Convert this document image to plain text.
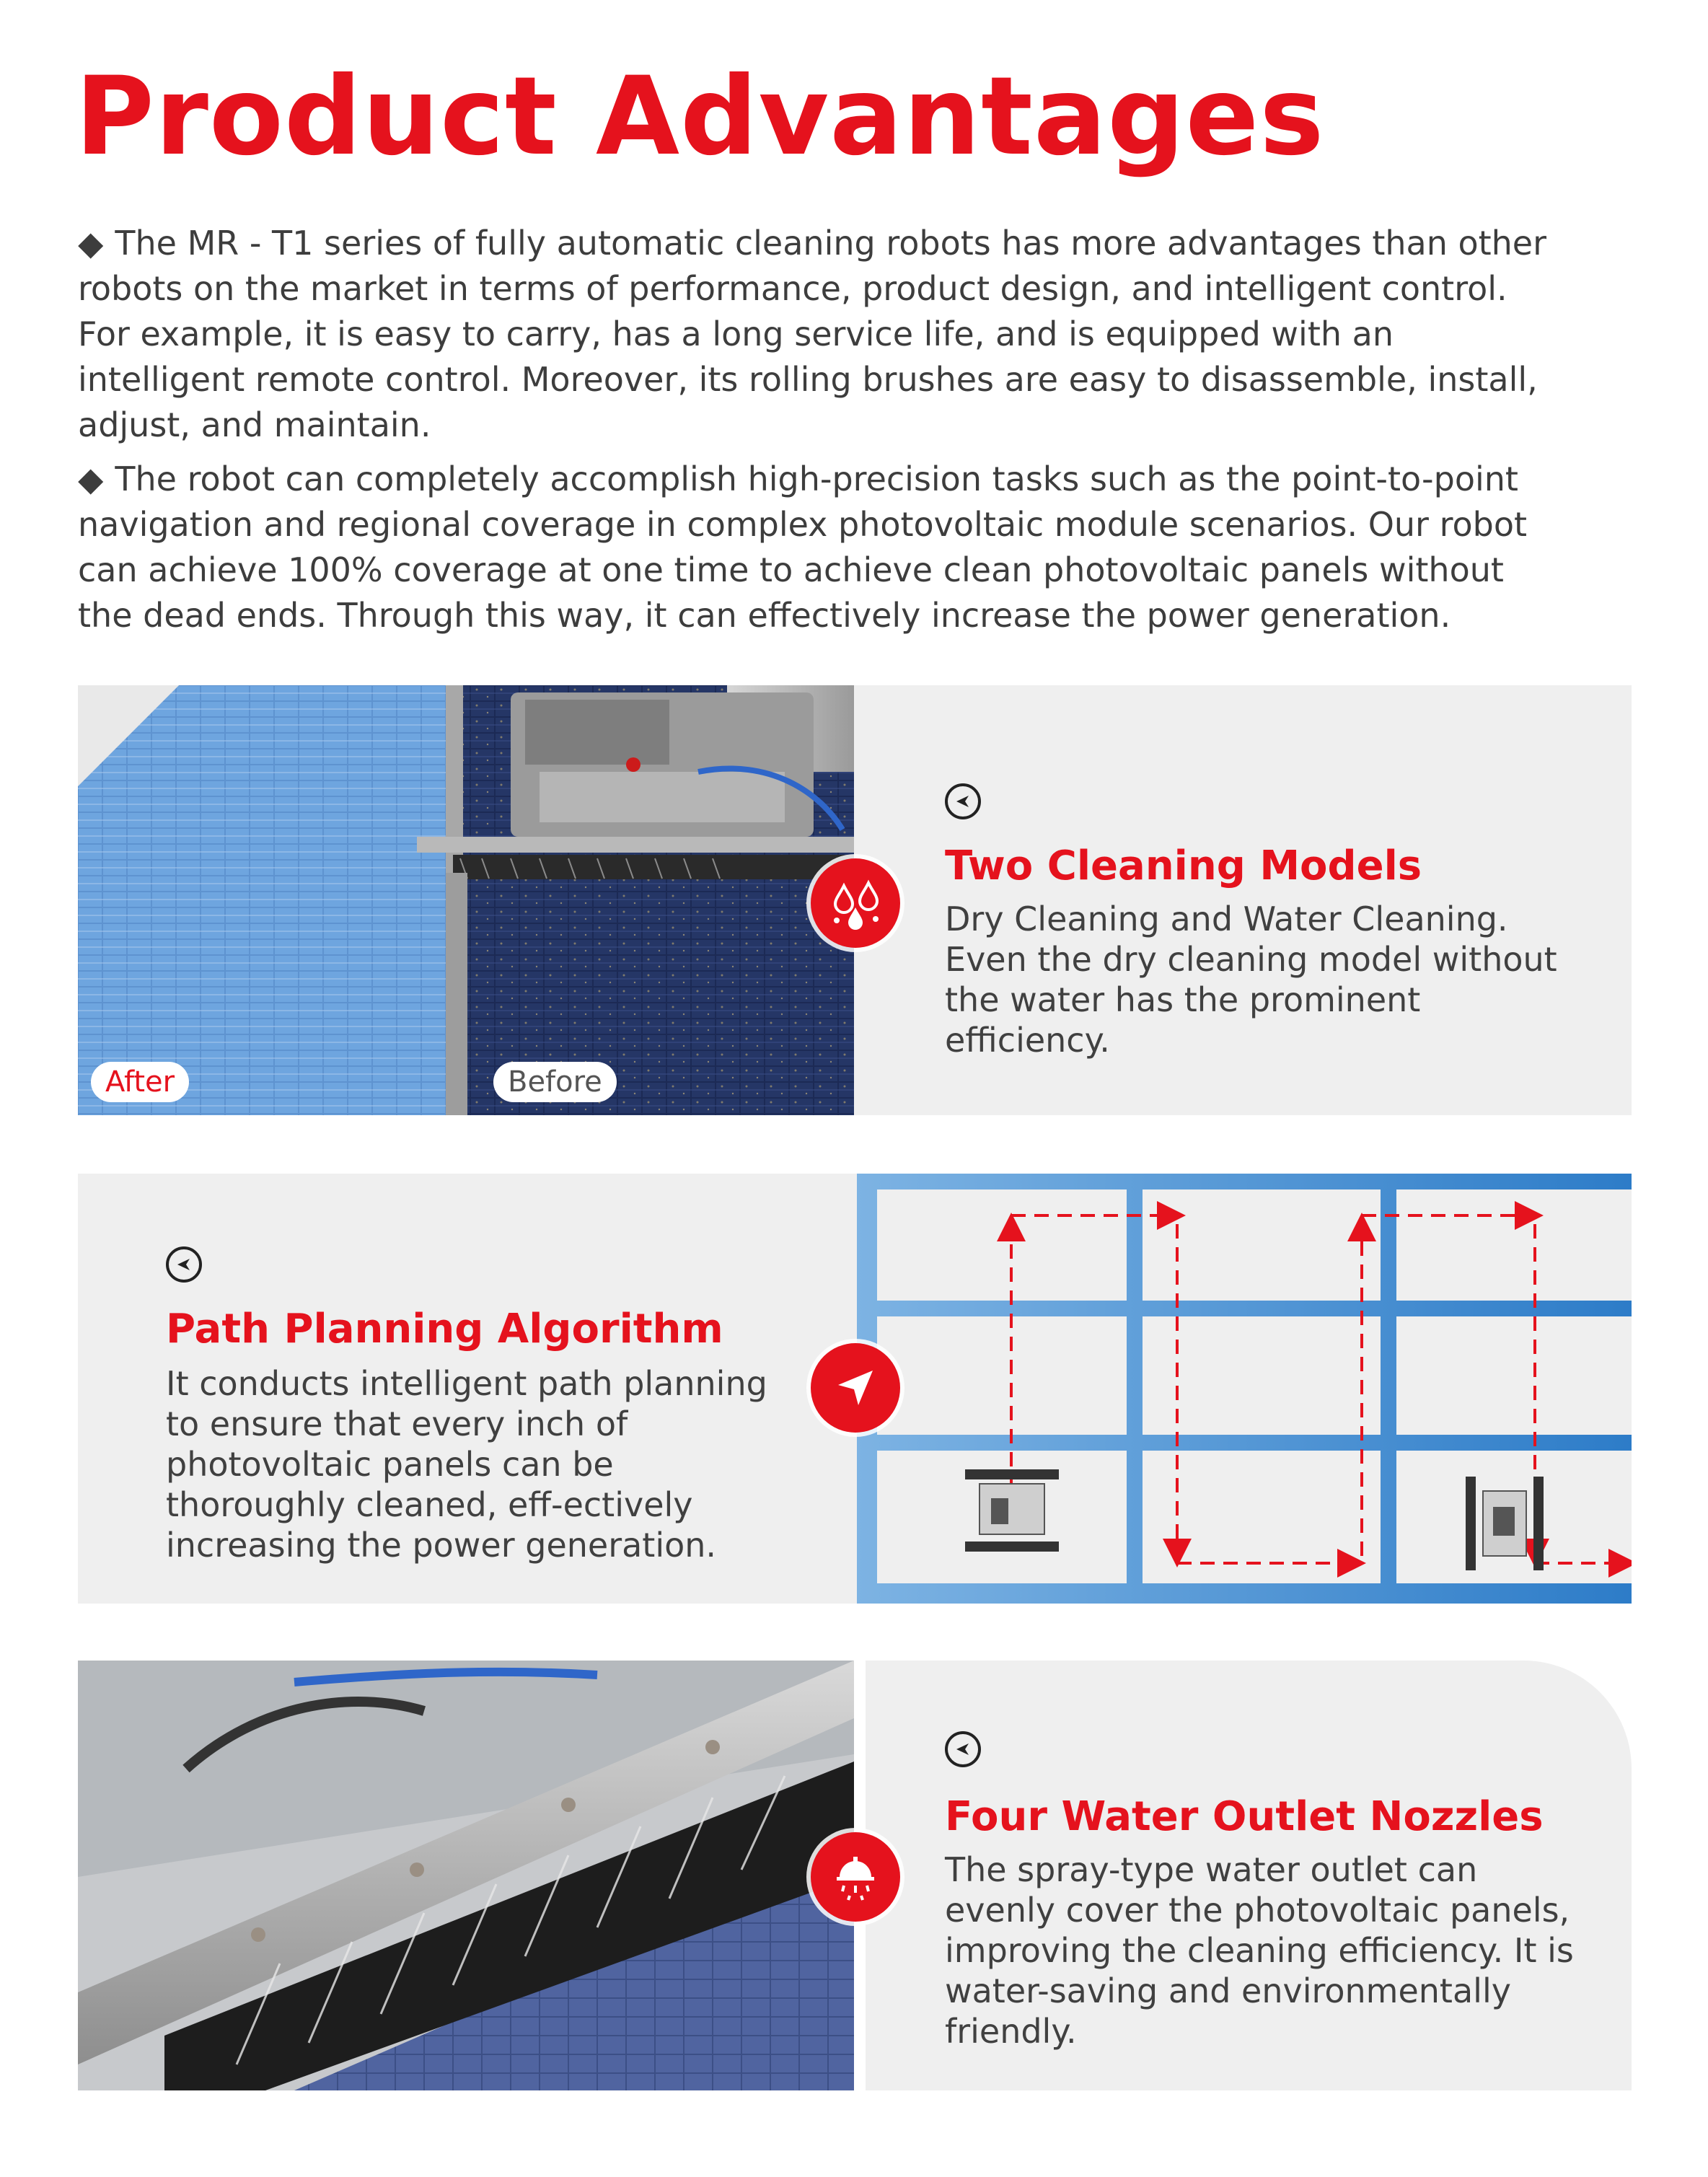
Product Advantages

◆ The MR - T1 series of fully automatic cleaning robots has more advantages than other robots on the market in terms of performance, product design, and intelligent control. For example, it is easy to carry, has a long service life, and is equipped with an intelligent remote control. Moreover, its rolling brushes are easy to disassemble, install, adjust, and maintain.

◆ The robot can completely accomplish high-precision tasks such as the point-to-point navigation and regional coverage in complex photovoltaic module scenarios. Our robot can achieve 100% coverage at one time to achieve clean photovoltaic panels without the dead ends. Through this way, it can effectively increase the power generation.

After	Before
Two Cleaning Models

Dry Cleaning and Water Cleaning. Even the dry cleaning model without the water has the prominent efficiency.

Path Planning Algorithm

It conducts intelligent path planning to ensure that every inch of photovoltaic panels can be thoroughly cleaned, eff-ectively increasing the power generation.

Four Water Outlet Nozzles

The spray-type water outlet can evenly cover the photovoltaic panels, improving the cleaning efficiency. It is water-saving and environmentally friendly.
